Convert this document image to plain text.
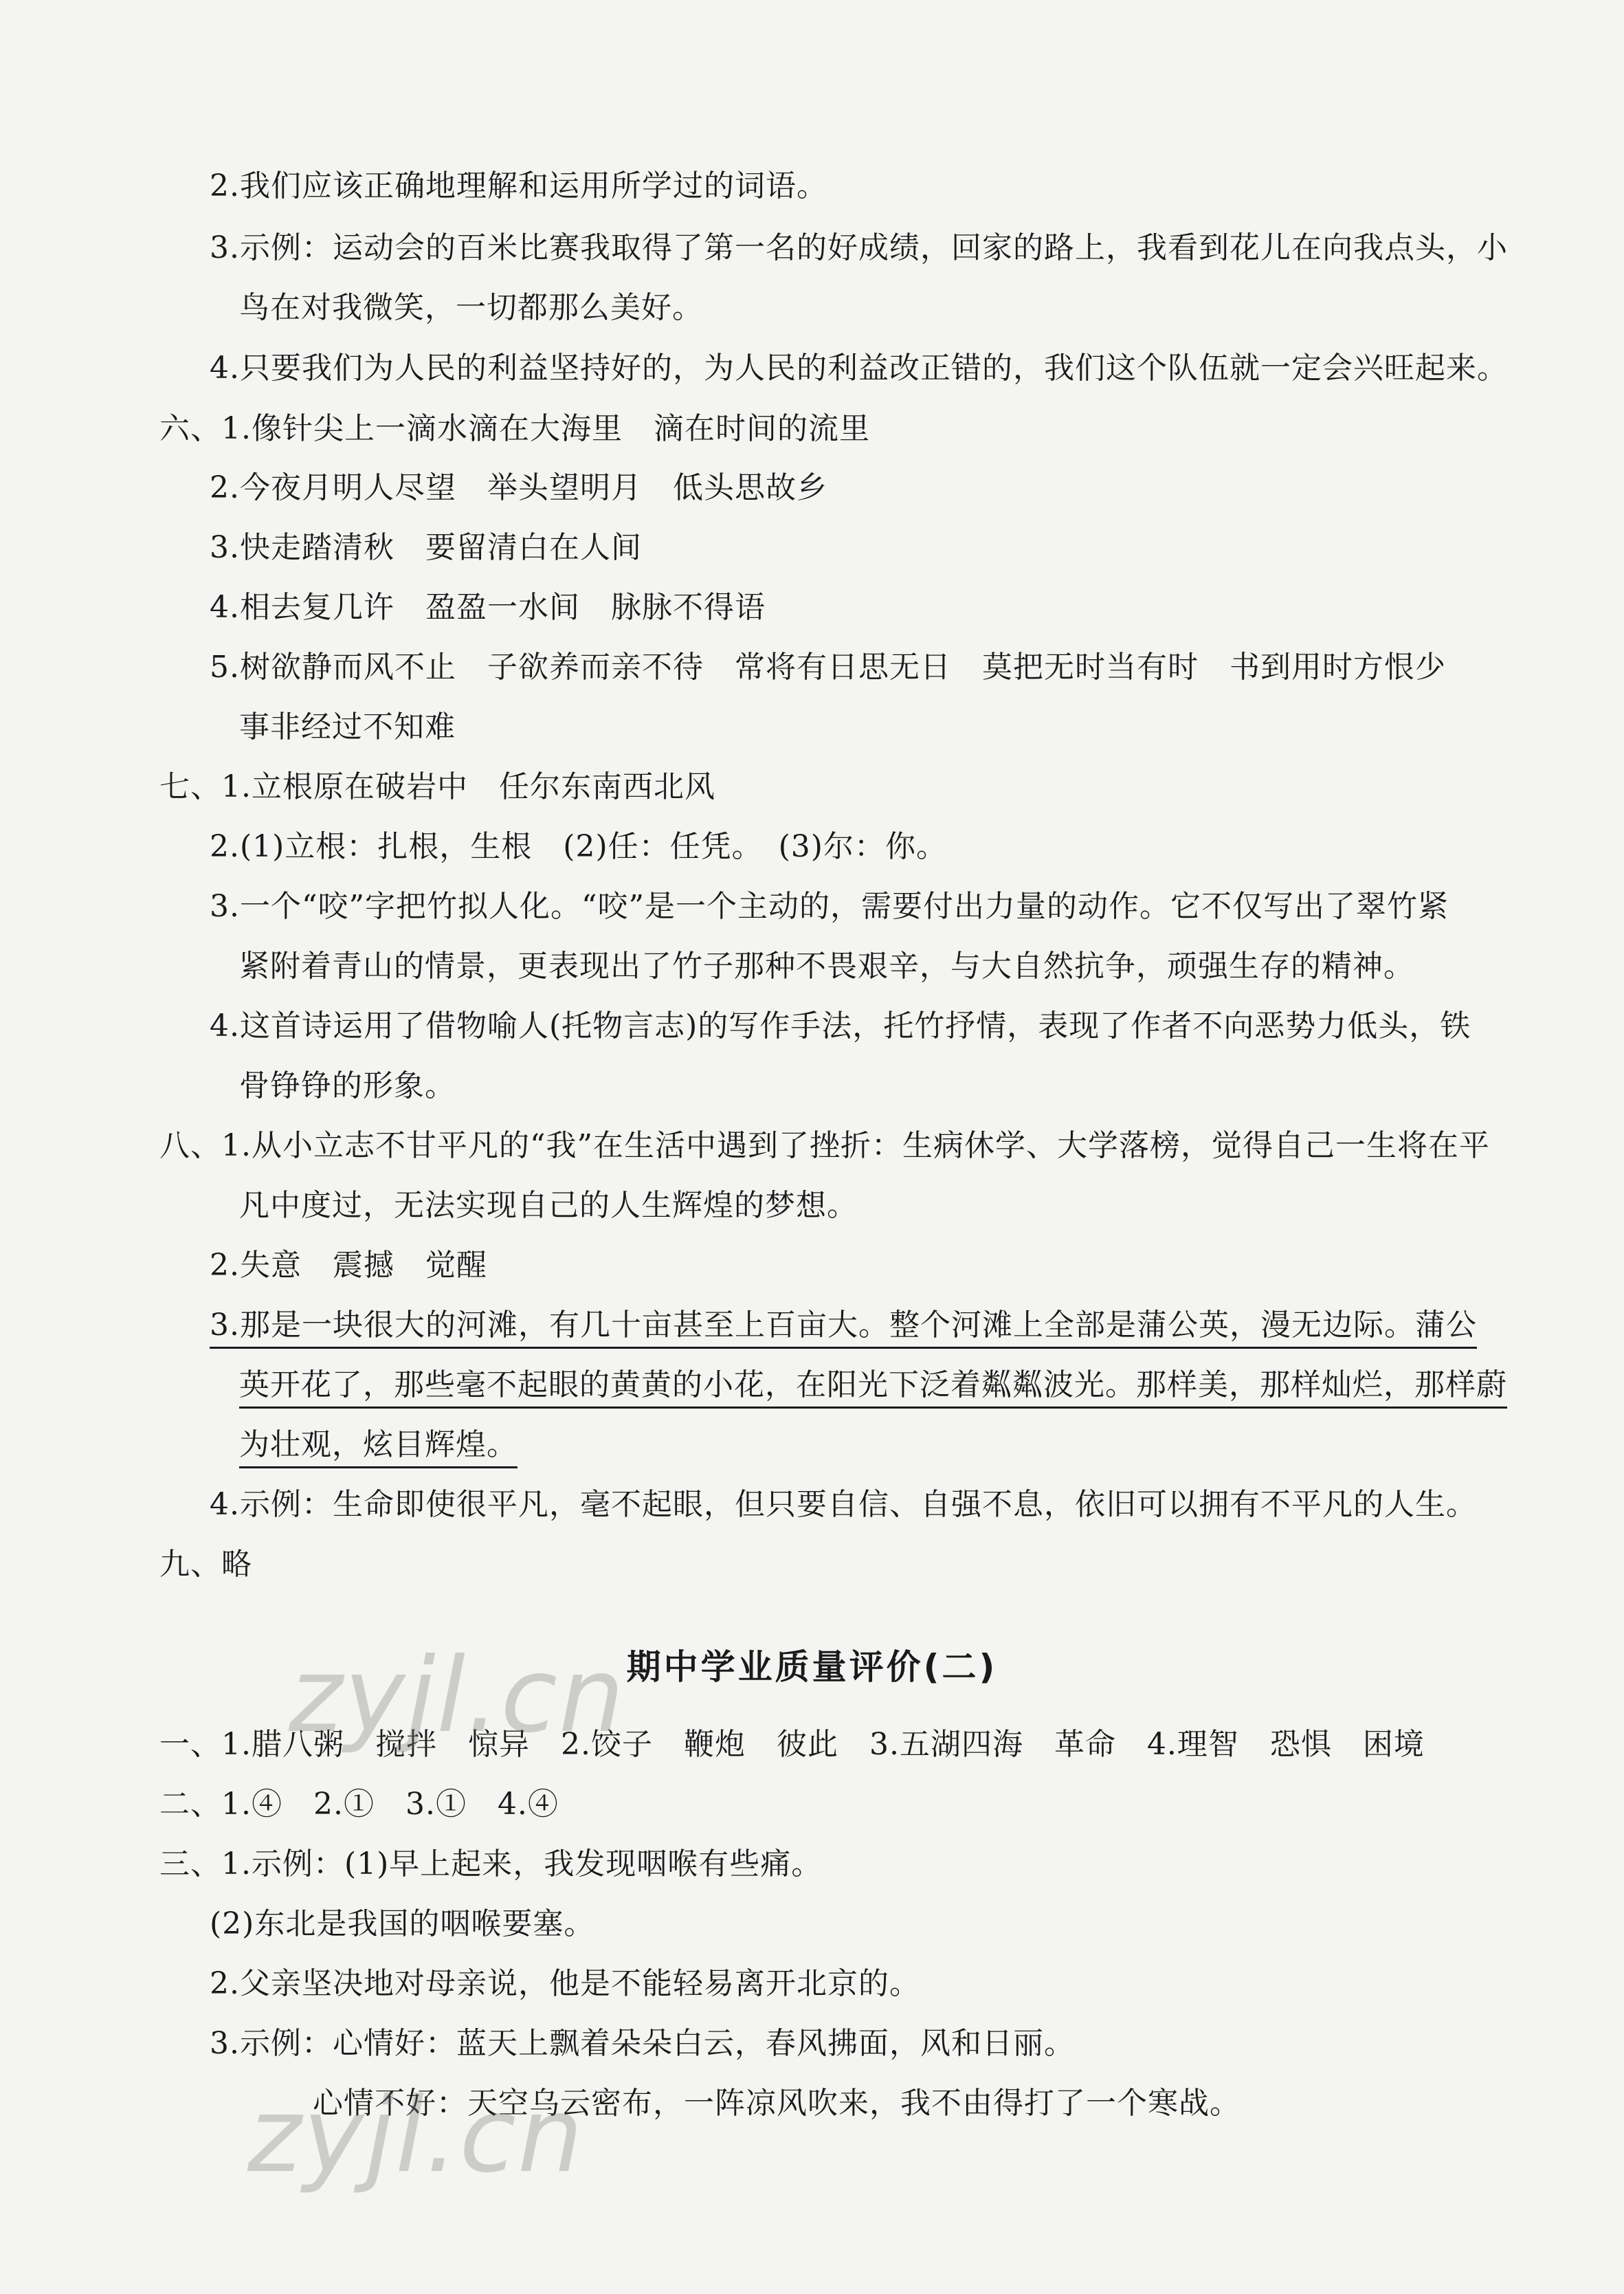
2.我们应该正确地理解和运用所学过的词语。
3.示例：运动会的百米比赛我取得了第一名的好成绩，回家的路上，我看到花儿在向我点头，小
鸟在对我微笑，一切都那么美好。
4.只要我们为人民的利益坚持好的，为人民的利益改正错的，我们这个队伍就一定会兴旺起来。
六、1.像针尖上一滴水滴在大海里　滴在时间的流里
2.今夜月明人尽望　举头望明月　低头思故乡
3.快走踏清秋　要留清白在人间
4.相去复几许　盈盈一水间　脉脉不得语
5.树欲静而风不止　子欲养而亲不待　常将有日思无日　莫把无时当有时　书到用时方恨少
事非经过不知难
七、1.立根原在破岩中　任尔东南西北风
2.(1)立根：扎根，生根　(2)任：任凭。　(3)尔：你。
3.一个“咬”字把竹拟人化。“咬”是一个主动的，需要付出力量的动作。它不仅写出了翠竹紧
紧附着青山的情景，更表现出了竹子那种不畏艰辛，与大自然抗争，顽强生存的精神。
4.这首诗运用了借物喻人(托物言志)的写作手法，托竹抒情，表现了作者不向恶势力低头，铁
骨铮铮的形象。
八、1.从小立志不甘平凡的“我”在生活中遇到了挫折：生病休学、大学落榜，觉得自己一生将在平
凡中度过，无法实现自己的人生辉煌的梦想。
2.失意　震撼　觉醒
3.那是一块很大的河滩，有几十亩甚至上百亩大。整个河滩上全部是蒲公英，漫无边际。蒲公
英开花了，那些毫不起眼的黄黄的小花，在阳光下泛着粼粼波光。那样美，那样灿烂，那样蔚
为壮观，炫目辉煌。
4.示例：生命即使很平凡，毫不起眼，但只要自信、自强不息，依旧可以拥有不平凡的人生。
九、略
期中学业质量评价(二)
一、1.腊八粥　搅拌　惊异　2.饺子　鞭炮　彼此　3.五湖四海　革命　4.理智　恐惧　困境
二、1.④　2.①　3.①　4.④
三、1.示例：(1)早上起来，我发现咽喉有些痛。
(2)东北是我国的咽喉要塞。
2.父亲坚决地对母亲说，他是不能轻易离开北京的。
3.示例：心情好：蓝天上飘着朵朵白云，春风拂面，风和日丽。
心情不好：天空乌云密布，一阵凉风吹来，我不由得打了一个寒战。
zyjl.cn
zyjl.cn
